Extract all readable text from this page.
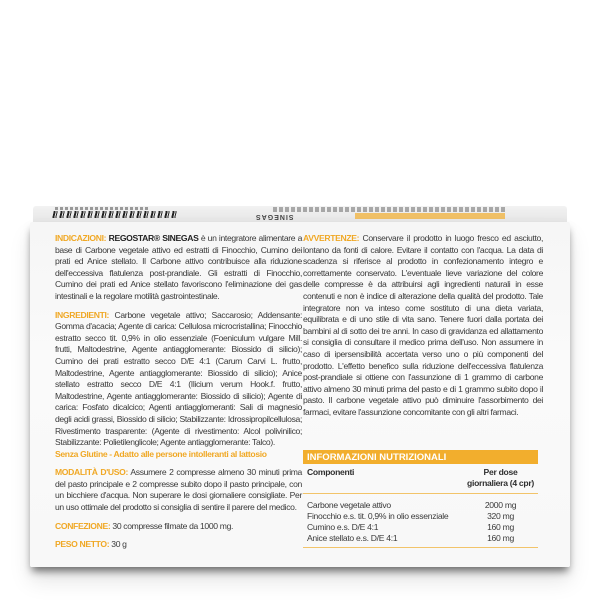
SINEGAS

INDICAZIONI: REGOSTAR® SINEGAS è un integratore alimentare a base di Carbone vegetale attivo ed estratti di Finocchio, Cumino dei prati ed Anice stellato. Il Carbone attivo contribuisce alla riduzione dell'eccessiva flatulenza post-prandiale. Gli estratti di Finocchio, Cumino dei prati ed Anice stellato favoriscono l'eliminazione dei gas intestinali e la regolare motilità gastrointestinale.

INGREDIENTI: Carbone vegetale attivo; Saccarosio; Addensante: Gomma d'acacia; Agente di carica: Cellulosa microcristallina; Finocchio estratto secco tit. 0,9% in olio essenziale (Foeniculum vulgare Mill. frutti, Maltodestrine, Agente antiagglomerante: Biossido di silicio); Cumino dei prati estratto secco D/E 4:1 (Carum Carvi L. frutto, Maltodestrine, Agente antiagglomerante: Biossido di silicio); Anice stellato estratto secco D/E 4:1 (Ilicium verum Hook.f. frutto, Maltodestrine, Agente antiagglomerante: Biossido di silicio); Agente di carica: Fosfato dicalcico; Agenti antiagglomeranti: Sali di magnesio degli acidi grassi, Biossido di silicio; Stabilizzante: Idrossipropilcellulosa; Rivestimento trasparente: (Agente di rivestimento: Alcol polivinilico; Stabilizzante: Polietilenglicole; Agente antiagglomerante: Talco).

Senza Glutine - Adatto alle persone intolleranti al lattosio

MODALITÀ D'USO: Assumere 2 compresse almeno 30 minuti prima del pasto principale e 2 compresse subito dopo il pasto principale, con un bicchiere d'acqua. Non superare le dosi giornaliere consigliate. Per un uso ottimale del prodotto si consiglia di sentire il parere del medico.

CONFEZIONE: 30 compresse filmate da 1000 mg.

PESO NETTO: 30 g

AVVERTENZE: Conservare il prodotto in luogo fresco ed asciutto, lontano da fonti di calore. Evitare il contatto con l'acqua. La data di scadenza si riferisce al prodotto in confezionamento integro e correttamente conservato. L'eventuale lieve variazione del colore delle compresse è da attribuirsi agli ingredienti naturali in esse contenuti e non è indice di alterazione della qualità del prodotto. Tale integratore non va inteso come sostituto di una dieta variata, equilibrata e di uno stile di vita sano. Tenere fuori dalla portata dei bambini al di sotto dei tre anni. In caso di gravidanza ed allattamento si consiglia di consultare il medico prima dell'uso. Non assumere in caso di ipersensibilità accertata verso uno o più componenti del prodotto. L'effetto benefico sulla riduzione dell'eccessiva flatulenza post-prandiale si ottiene con l'assunzione di 1 grammo di carbone attivo almeno 30 minuti prima del pasto e di 1 grammo subito dopo il pasto. Il carbone vegetale attivo può diminuire l'assorbimento dei farmaci, evitare l'assunzione concomitante con gli altri farmaci.

INFORMAZIONI NUTRIZIONALI
Componenti	Per dose
giornaliera (4 cpr)
Carbone vegetale attivo	2000 mg
Finocchio e.s. tit. 0,9% in olio essenziale	320 mg
Cumino e.s. D/E 4:1	160 mg
Anice stellato e.s. D/E 4:1	160 mg
